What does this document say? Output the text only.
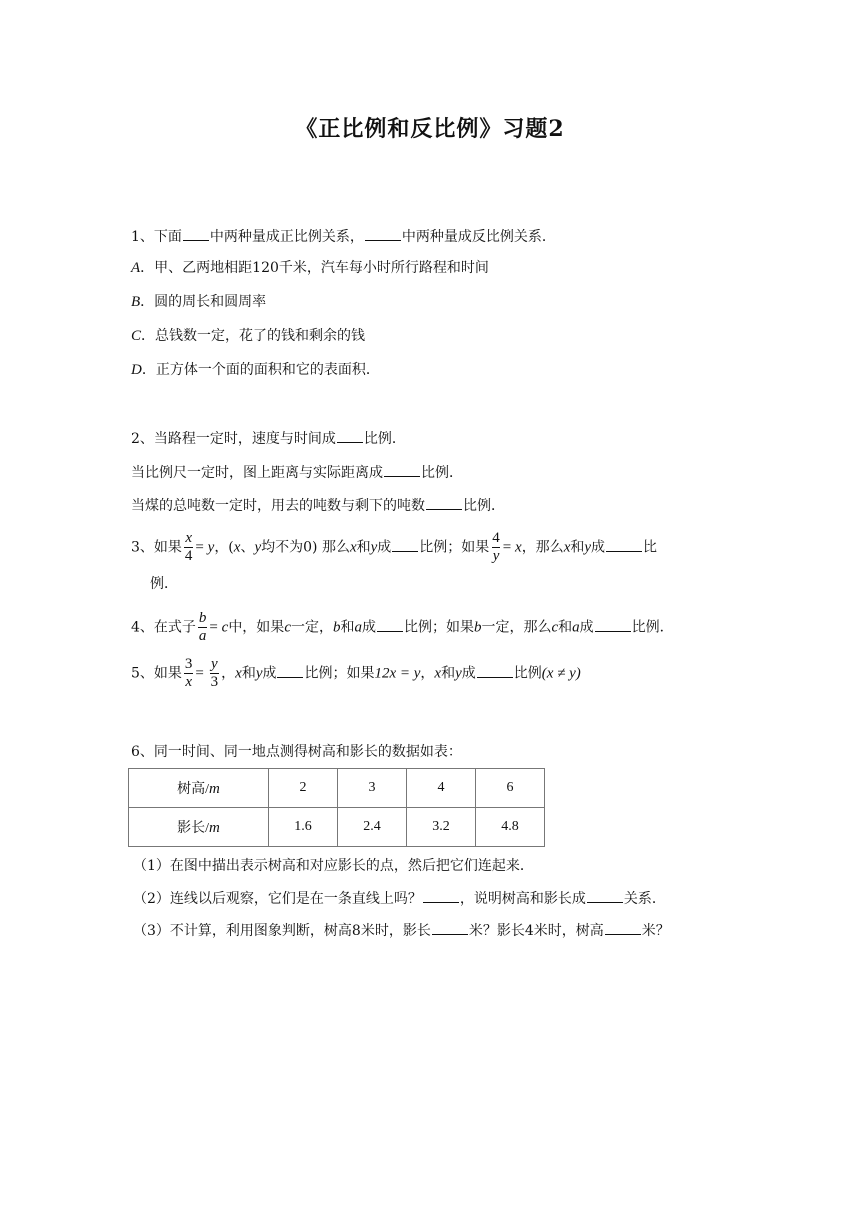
《正比例和反比例》习题2
1、下面 中两种量成正比例关系，	中两种量成反比例关系．
A．甲、乙两地相距120千米，汽车每小时所行路程和时间
B．圆的周长和圆周率
C．总钱数一定，花了的钱和剩余的钱
D．正方体一个面的面积和它的表面积．
2、当路程一定时，速度与时间成 比例．
当比例尺一定时，图上距离与实际距离成	比例．
当煤的总吨数一定时，用去的吨数与剩下的吨数	比例．
3、如果 $\frac{x}{4} = y$，(x、y均不为0) 那么x和y成 比例；如果 $\frac{4}{y} = x$，那么x和y成	比
例．
4、在式子 $\frac{b}{a} = c$中，如果c一定，b和a成 比例；如果b一定，那么c和a成	比例．
5、如果 $\frac{3}{x} = \frac{y}{3}$ ，x和y成 比例；如果12x = y，x和y成	比例(x ≠ y)
6、同一时间、同一地点测得树高和影长的数据如表：
树高/m	2	3	4	6
影长/m	1.6	2.4	3.2	4.8
（1）在图中描出表示树高和对应影长的点，然后把它们连起来．
（2）连线以后观察，它们是在一条直线上吗？	，说明树高和影长成	关系．
（3）不计算，利用图象判断，树高8米时，影长	米？影长4米时，树高	米？
